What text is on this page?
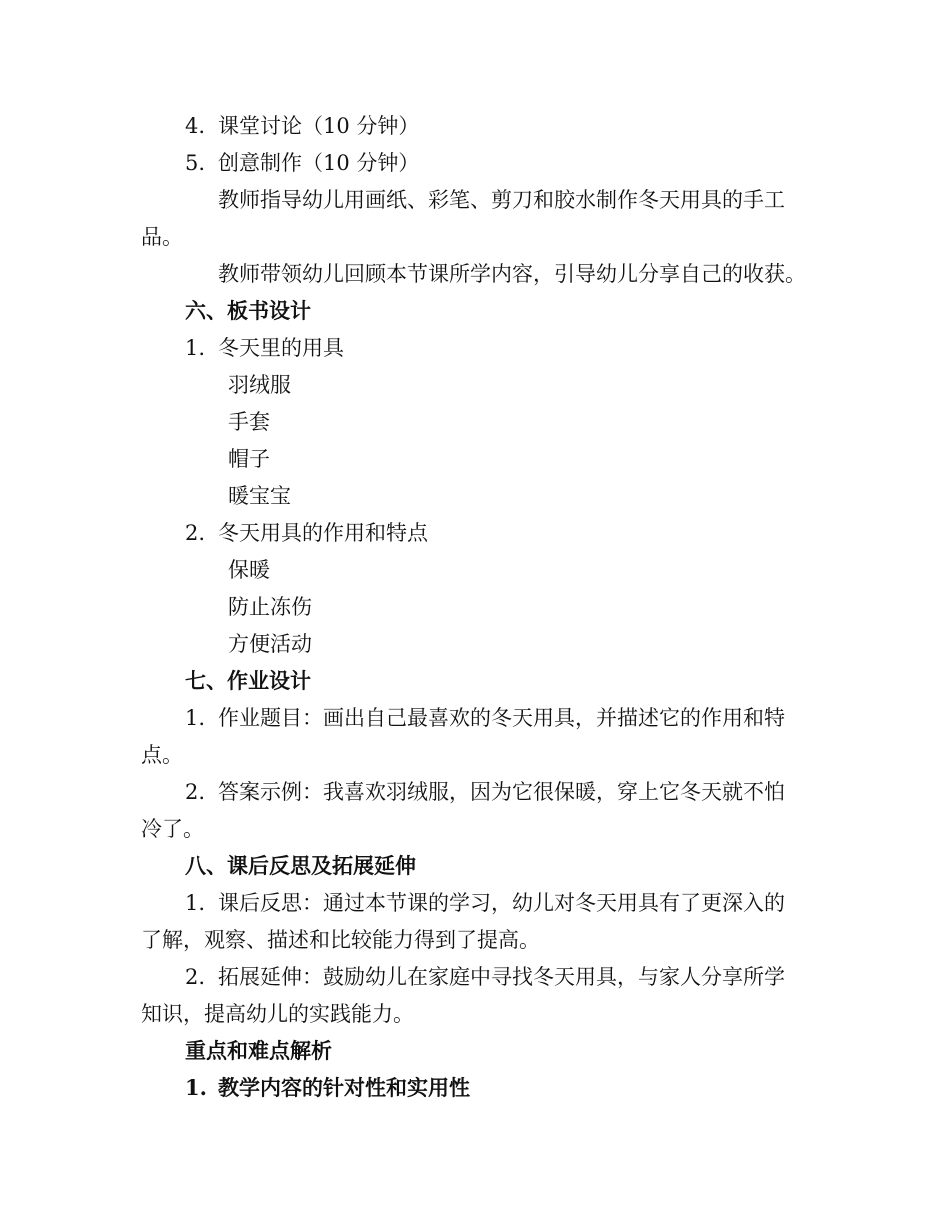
4. 课堂讨论（10 分钟）
5. 创意制作（10 分钟）
教师指导幼儿用画纸、彩笔、剪刀和胶水制作冬天用具的手工
品。
教师带领幼儿回顾本节课所学内容，引导幼儿分享自己的收获。
六、板书设计
1. 冬天里的用具
羽绒服
手套
帽子
暖宝宝
2. 冬天用具的作用和特点
保暖
防止冻伤
方便活动
七、作业设计
1. 作业题目：画出自己最喜欢的冬天用具，并描述它的作用和特
点。
2. 答案示例：我喜欢羽绒服，因为它很保暖，穿上它冬天就不怕
冷了。
八、课后反思及拓展延伸
1. 课后反思：通过本节课的学习，幼儿对冬天用具有了更深入的
了解，观察、描述和比较能力得到了提高。
2. 拓展延伸：鼓励幼儿在家庭中寻找冬天用具，与家人分享所学
知识，提高幼儿的实践能力。
重点和难点解析
1. 教学内容的针对性和实用性
